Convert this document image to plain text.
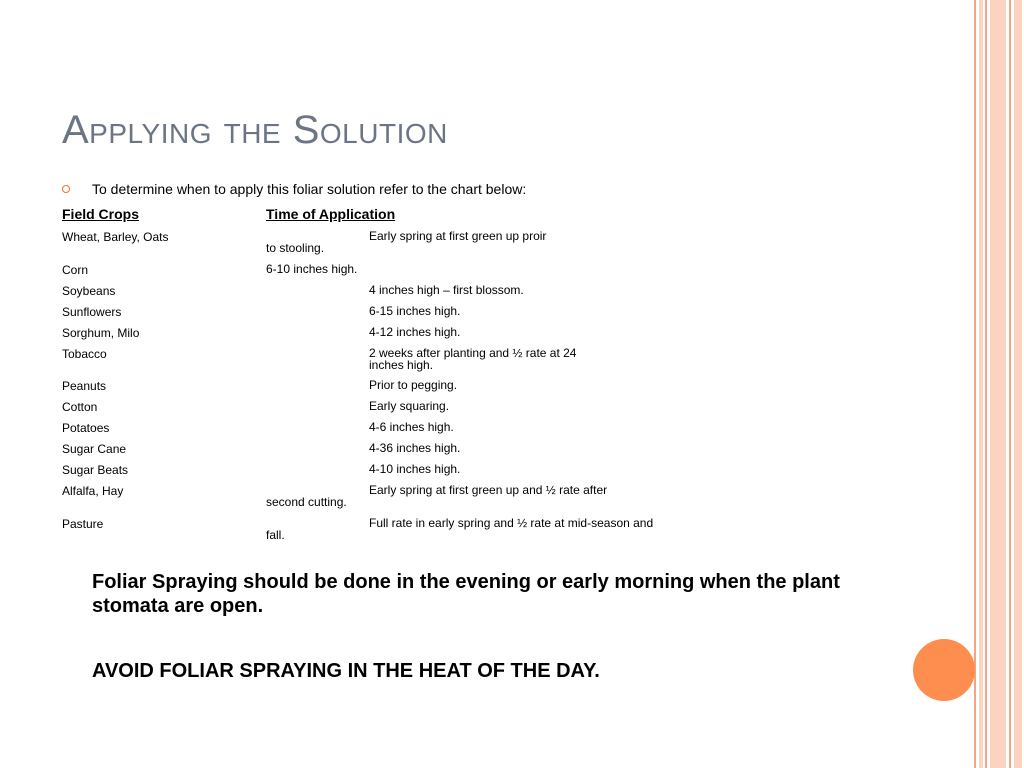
Applying the Solution
To determine when to apply this foliar solution refer to the chart below:
Field Crops	Time of Application
Wheat, Barley, Oats	Early spring at first green up proir
to stooling.
Corn	6-10 inches high.
Soybeans	4 inches high – first blossom.
Sunflowers	6-15 inches high.
Sorghum, Milo	4-12 inches high.
Tobacco	2 weeks after planting and ½ rate at 24
inches high.
Peanuts	Prior to pegging.
Cotton	Early squaring.
Potatoes	4-6 inches high.
Sugar Cane	4-36 inches high.
Sugar Beats	4-10 inches high.
Alfalfa, Hay	Early spring at first green up and ½ rate after
second cutting.
Pasture	Full rate in early spring and ½ rate at mid-season and
fall.
Foliar Spraying should be done in the evening or early morning when the plant stomata are open.
AVOID FOLIAR SPRAYING IN THE HEAT OF THE DAY.
